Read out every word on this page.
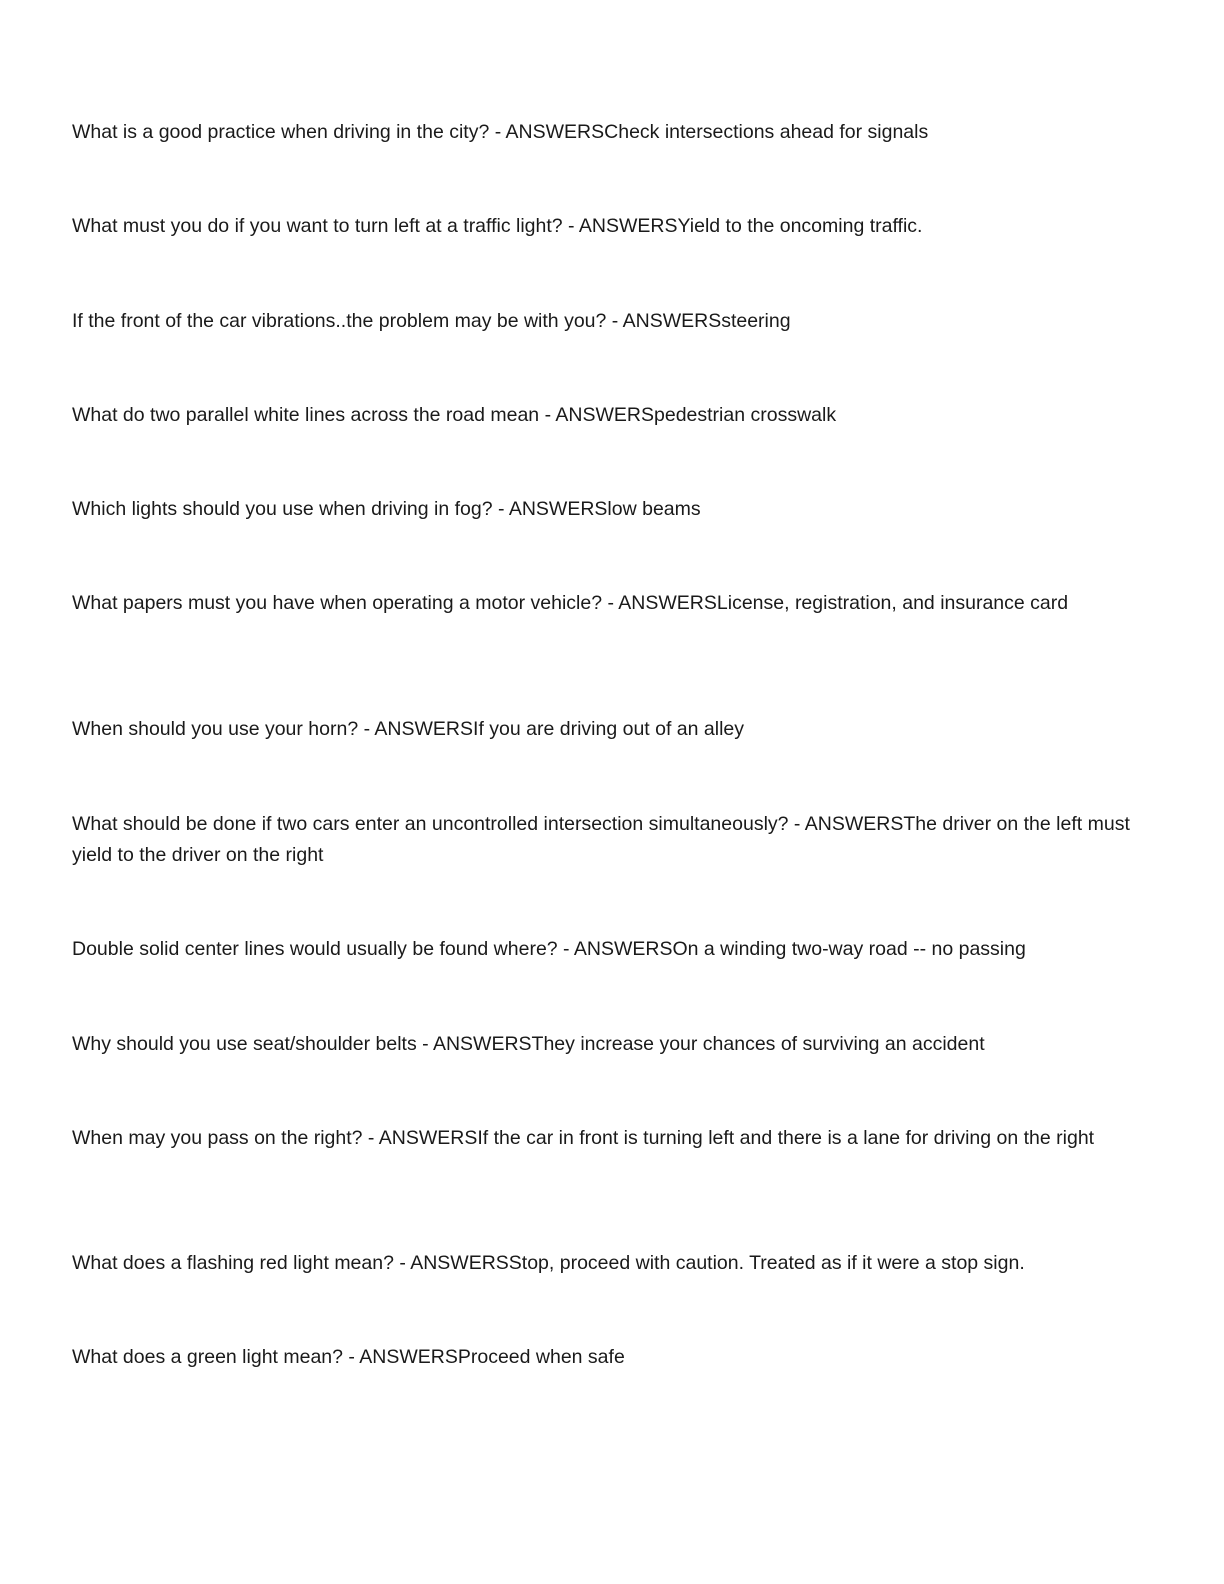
What is a good practice when driving in the city? - ANSWERSCheck intersections ahead for signals

What must you do if you want to turn left at a traffic light? - ANSWERSYield to the oncoming traffic.

If the front of the car vibrations..the problem may be with you? - ANSWERSsteering

What do two parallel white lines across the road mean - ANSWERSpedestrian crosswalk

Which lights should you use when driving in fog? - ANSWERSlow beams

What papers must you have when operating a motor vehicle? - ANSWERSLicense, registration, and insurance card

When should you use your horn? - ANSWERSIf you are driving out of an alley

What should be done if two cars enter an uncontrolled intersection simultaneously? - ANSWERSThe driver on the left must yield to the driver on the right

Double solid center lines would usually be found where? - ANSWERSOn a winding two-way road -- no passing

Why should you use seat/shoulder belts - ANSWERSThey increase your chances of surviving an accident

When may you pass on the right? - ANSWERSIf the car in front is turning left and there is a lane for driving on the right

What does a flashing red light mean? - ANSWERSStop, proceed with caution. Treated as if it were a stop sign.

What does a green light mean? - ANSWERSProceed when safe
